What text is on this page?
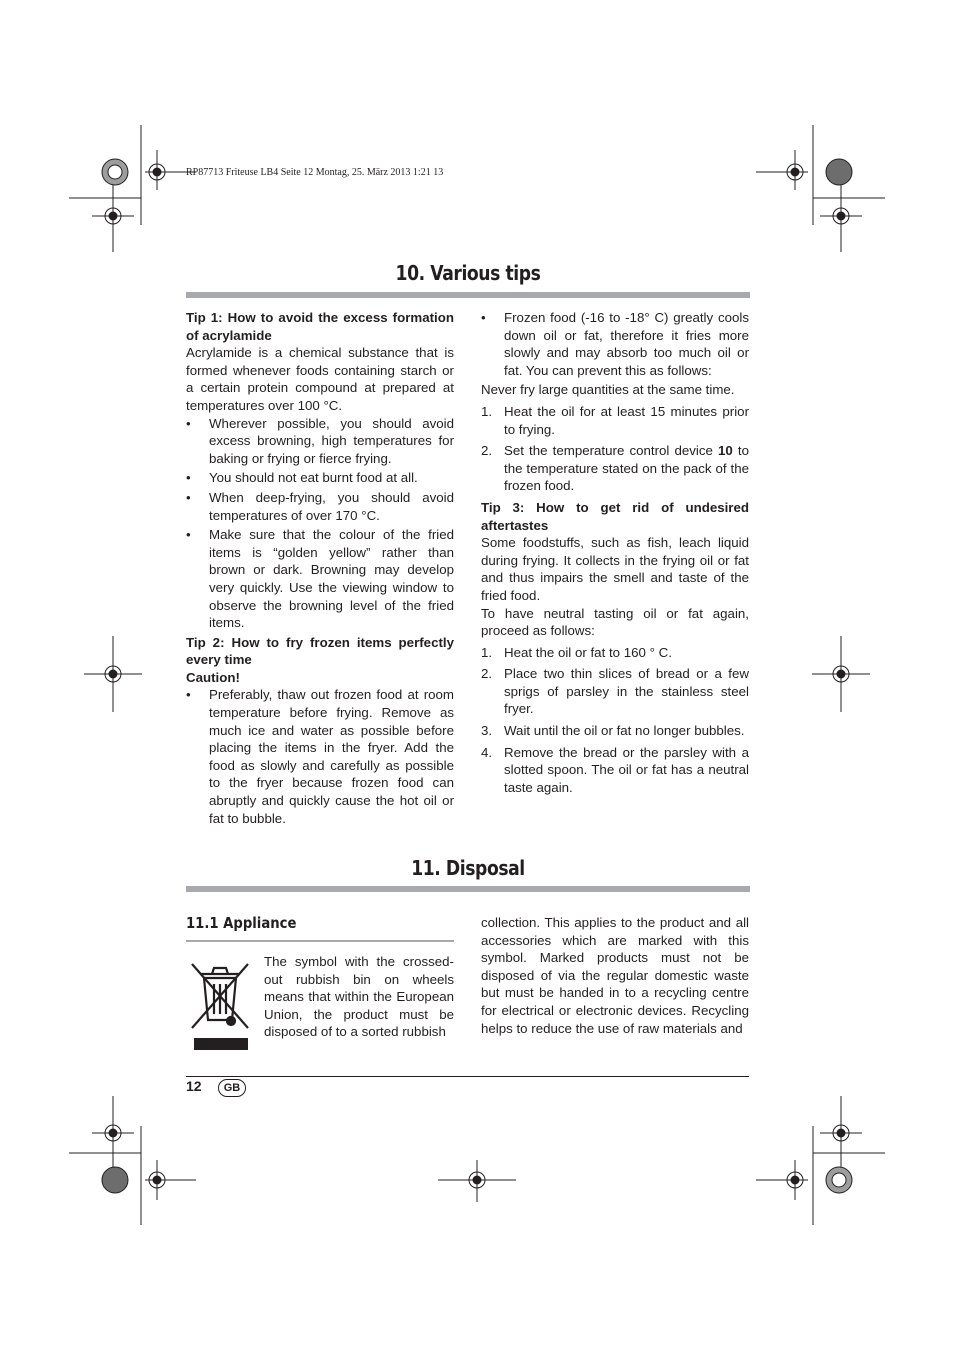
RP87713 Friteuse LB4 Seite 12 Montag, 25. März 2013 1:21 13
10. Various tips

Tip 1: How to avoid the excess formation of acrylamide

Acrylamide is a chemical substance that is formed whenever foods containing starch or a certain protein compound at prepared at temperatures over 100 °C.

•	Wherever possible, you should avoid excess browning, high temperatures for baking or frying or fierce frying.
•	You should not eat burnt food at all.
•	When deep-frying, you should avoid temperatures of over 170 °C.
•	Make sure that the colour of the fried items is “golden yellow” rather than brown or dark. Browning may develop very quickly. Use the viewing window to observe the browning level of the fried items.

Tip 2: How to fry frozen items perfectly every time

Caution!

•	Preferably, thaw out frozen food at room temperature before frying. Remove as much ice and water as possible before placing the items in the fryer. Add the food as slowly and carefully as possible to the fryer because frozen food can abruptly and quickly cause the hot oil or fat to bubble.
•	Frozen food (-16 to -18° C) greatly cools down oil or fat, therefore it fries more slowly and may absorb too much oil or fat. You can prevent this as follows:

Never fry large quantities at the same time.

1. Heat the oil for at least 15 minutes prior to frying.
2. Set the temperature control device 10 to the temperature stated on the pack of the frozen food.

Tip 3: How to get rid of undesired aftertastes

Some foodstuffs, such as fish, leach liquid during frying. It collects in the frying oil or fat and thus impairs the smell and taste of the fried food.

To have neutral tasting oil or fat again, proceed as follows:

1. Heat the oil or fat to 160 ° C.
2. Place two thin slices of bread or a few sprigs of parsley in the stainless steel fryer.
3. Wait until the oil or fat no longer bubbles.
4. Remove the bread or the parsley with a slotted spoon. The oil or fat has a neutral taste again.
11. Disposal
11.1 Appliance

The symbol with the crossed-out rubbish bin on wheels means that within the European Union, the product must be disposed of to a sorted rubbish

collection. This applies to the product and all accessories which are marked with this symbol. Marked products must not be disposed of via the regular domestic waste but must be handed in to a recycling centre for electrical or electronic devices. Recycling helps to reduce the use of raw materials and

12	GB
